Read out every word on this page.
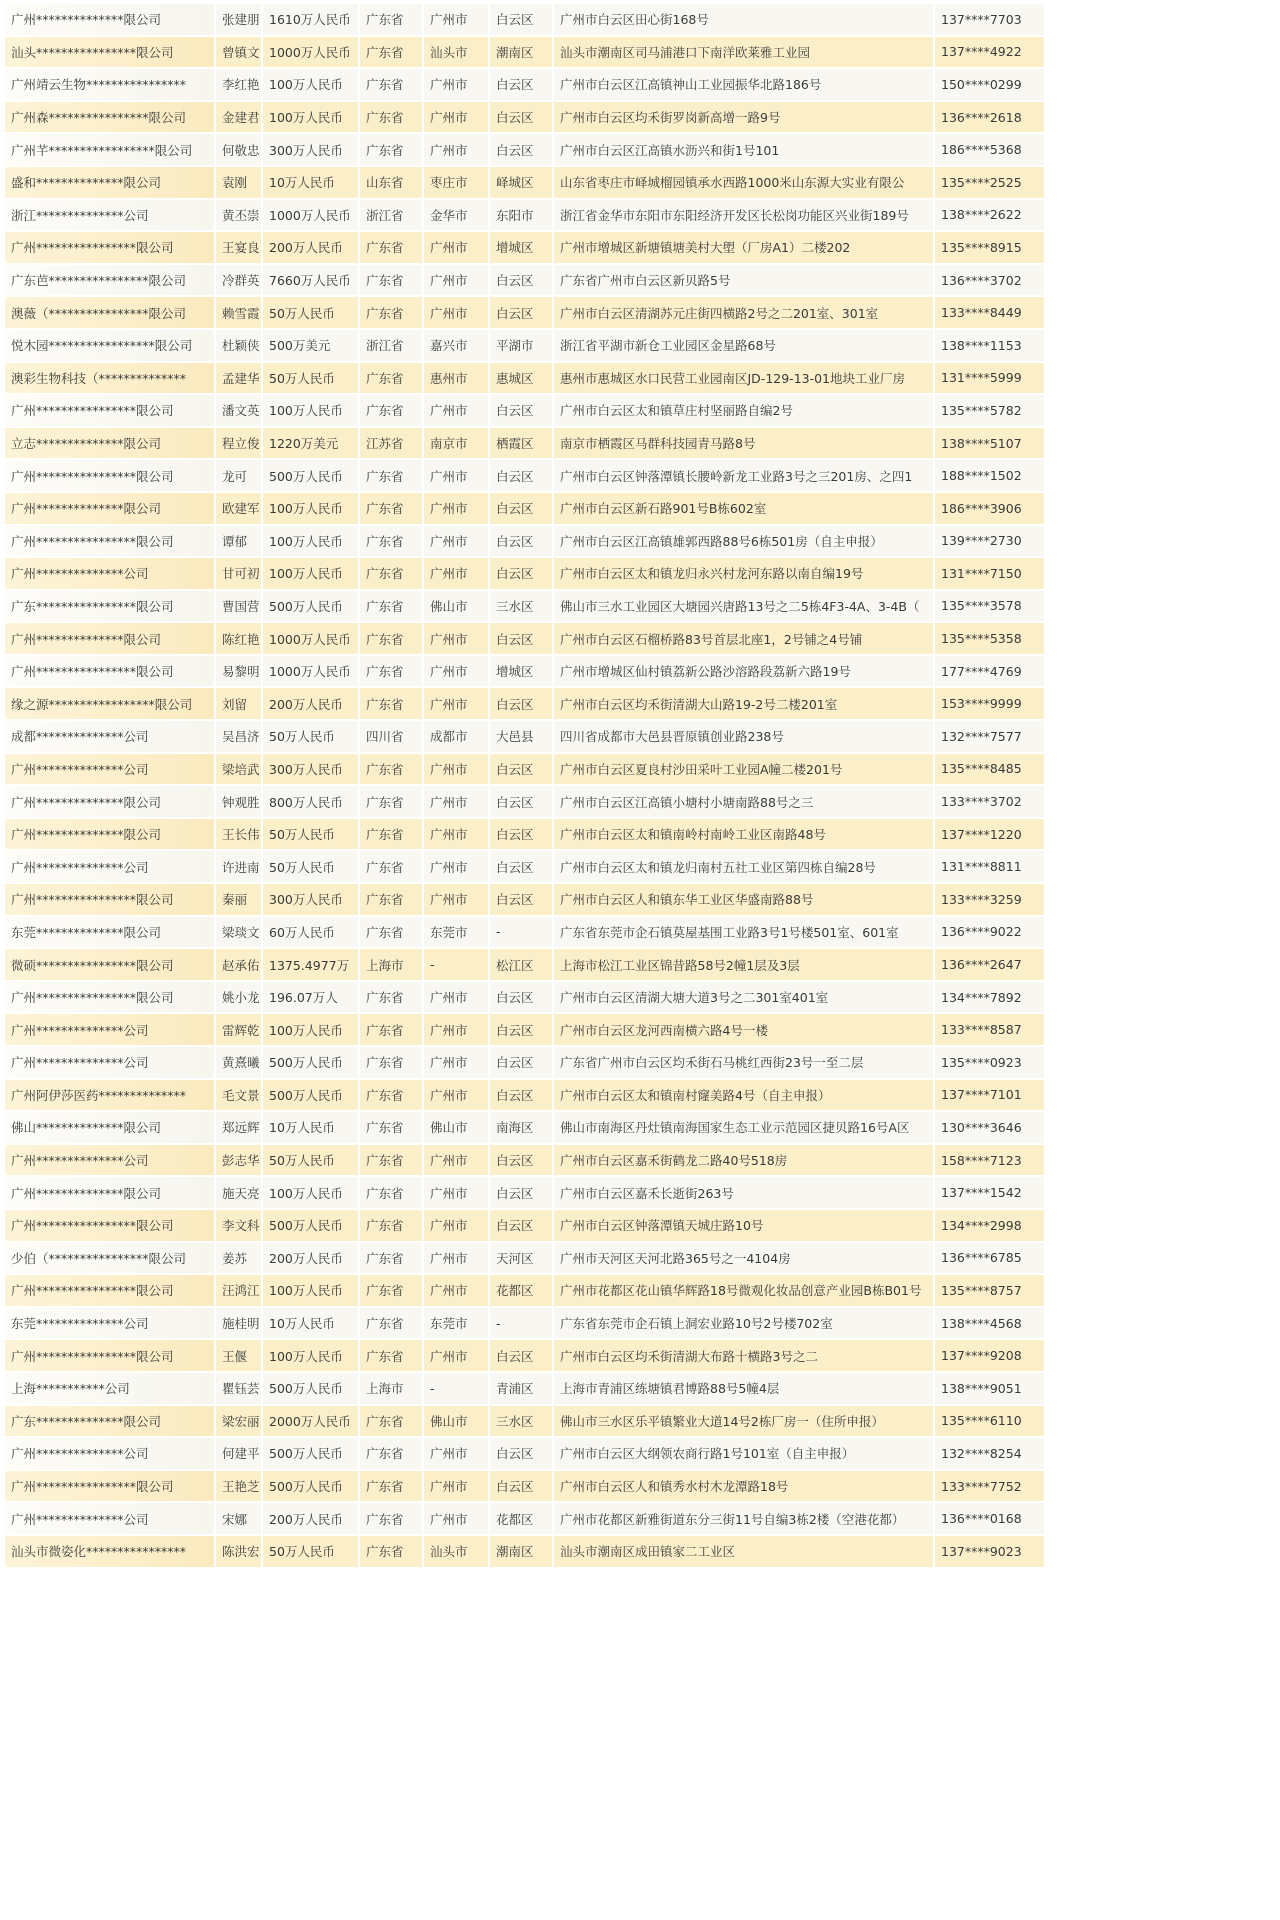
广州**************限公司	张建朋	1610万人民币	广东省	广州市	白云区	广州市白云区田心街168号	137****7703
汕头****************限公司	曾镇文	1000万人民币	广东省	汕头市	潮南区	汕头市潮南区司马浦港口下南洋欧莱雅工业园	137****4922
广州靖云生物****************	李红艳	100万人民币	广东省	广州市	白云区	广州市白云区江高镇神山工业园振华北路186号	150****0299
广州森****************限公司	金建君	100万人民币	广东省	广州市	白云区	广州市白云区均禾街罗岗新高增一路9号	136****2618
广州芊*****************限公司	何敬忠	300万人民币	广东省	广州市	白云区	广州市白云区江高镇水沥兴和街1号101	186****5368
盛和**************限公司	袁刚	10万人民币	山东省	枣庄市	峄城区	山东省枣庄市峄城榴园镇承水西路1000米山东源大实业有限公	135****2525
浙江**************公司	黄丕崇	1000万人民币	浙江省	金华市	东阳市	浙江省金华市东阳市东阳经济开发区长松岗功能区兴业街189号	138****2622
广州****************限公司	王宴良	200万人民币	广东省	广州市	增城区	广州市增城区新塘镇塘美村大塱（厂房A1）二楼202	135****8915
广东芭****************限公司	冷群英	7660万人民币	广东省	广州市	白云区	广东省广州市白云区新贝路5号	136****3702
澳薇（****************限公司	赖雪霞	50万人民币	广东省	广州市	白云区	广州市白云区清湖苏元庄街四横路2号之二201室、301室	133****8449
悦木园*****************限公司	杜颖侠	500万美元	浙江省	嘉兴市	平湖市	浙江省平湖市新仓工业园区金星路68号	138****1153
澳彩生物科技（**************	孟建华	50万人民币	广东省	惠州市	惠城区	惠州市惠城区水口民营工业园南区JD-129-13-01地块工业厂房	131****5999
广州****************限公司	潘文英	100万人民币	广东省	广州市	白云区	广州市白云区太和镇草庄村坚丽路自编2号	135****5782
立志**************限公司	程立俊	1220万美元	江苏省	南京市	栖霞区	南京市栖霞区马群科技园青马路8号	138****5107
广州****************限公司	龙可	500万人民币	广东省	广州市	白云区	广州市白云区钟落潭镇长腰岭新龙工业路3号之三201房、之四1	188****1502
广州**************限公司	欧建军	100万人民币	广东省	广州市	白云区	广州市白云区新石路901号B栋602室	186****3906
广州****************限公司	谭郁	100万人民币	广东省	广州市	白云区	广州市白云区江高镇雄郭西路88号6栋501房（自主申报）	139****2730
广州**************公司	甘可初	100万人民币	广东省	广州市	白云区	广州市白云区太和镇龙归永兴村龙河东路以南自编19号	131****7150
广东****************限公司	曹国营	500万人民币	广东省	佛山市	三水区	佛山市三水工业园区大塘园兴唐路13号之二5栋4F3-4A、3-4B（	135****3578
广州**************限公司	陈红艳	1000万人民币	广东省	广州市	白云区	广州市白云区石榴桥路83号首层北座1，2号铺之4号铺	135****5358
广州****************限公司	易黎明	1000万人民币	广东省	广州市	增城区	广州市增城区仙村镇荔新公路沙溶路段荔新六路19号	177****4769
缘之源*****************限公司	刘留	200万人民币	广东省	广州市	白云区	广州市白云区均禾街清湖大山路19-2号二楼201室	153****9999
成都**************公司	吴昌济	50万人民币	四川省	成都市	大邑县	四川省成都市大邑县晋原镇创业路238号	132****7577
广州**************公司	梁培武	300万人民币	广东省	广州市	白云区	广州市白云区夏良村沙田采叶工业园A幢二楼201号	135****8485
广州**************限公司	钟观胜	800万人民币	广东省	广州市	白云区	广州市白云区江高镇小塘村小塘南路88号之三	133****3702
广州**************限公司	王长伟	50万人民币	广东省	广州市	白云区	广州市白云区太和镇南岭村南岭工业区南路48号	137****1220
广州**************公司	许进南	50万人民币	广东省	广州市	白云区	广州市白云区太和镇龙归南村五社工业区第四栋自编28号	131****8811
广州****************限公司	秦丽	300万人民币	广东省	广州市	白云区	广州市白云区人和镇东华工业区华盛南路88号	133****3259
东莞**************限公司	梁琰文	60万人民币	广东省	东莞市	-	广东省东莞市企石镇莫屋基围工业路3号1号楼501室、601室	136****9022
微硕****************限公司	赵承佑	1375.4977万	上海市	-	松江区	上海市松江工业区锦昔路58号2幢1层及3层	136****2647
广州****************限公司	姚小龙	196.07万人	广东省	广州市	白云区	广州市白云区清湖大塘大道3号之二301室401室	134****7892
广州**************公司	雷辉乾	100万人民币	广东省	广州市	白云区	广州市白云区龙河西南横六路4号一楼	133****8587
广州**************公司	黄熹曦	500万人民币	广东省	广州市	白云区	广东省广州市白云区均禾街石马桃红西街23号一至二层	135****0923
广州阿伊莎医药**************	毛文景	500万人民币	广东省	广州市	白云区	广州市白云区太和镇南村窿美路4号（自主申报）	137****7101
佛山**************限公司	郑远辉	10万人民币	广东省	佛山市	南海区	佛山市南海区丹灶镇南海国家生态工业示范园区捷贝路16号A区	130****3646
广州**************公司	彭志华	50万人民币	广东省	广州市	白云区	广州市白云区嘉禾街鹤龙二路40号518房	158****7123
广州**************限公司	施天亮	100万人民币	广东省	广州市	白云区	广州市白云区嘉禾长逝街263号	137****1542
广州****************限公司	李文科	500万人民币	广东省	广州市	白云区	广州市白云区钟落潭镇天城庄路10号	134****2998
少伯（****************限公司	姜苏	200万人民币	广东省	广州市	天河区	广州市天河区天河北路365号之一4104房	136****6785
广州****************限公司	汪鸿江	100万人民币	广东省	广州市	花都区	广州市花都区花山镇华辉路18号微观化妆品创意产业园B栋B01号	135****8757
东莞**************公司	施桂明	10万人民币	广东省	东莞市	-	广东省东莞市企石镇上洞宏业路10号2号楼702室	138****4568
广州****************限公司	王偃	100万人民币	广东省	广州市	白云区	广州市白云区均禾街清湖大布路十横路3号之二	137****9208
上海***********公司	瞿钰芸	500万人民币	上海市	-	青浦区	上海市青浦区练塘镇君博路88号5幢4层	138****9051
广东**************限公司	梁宏丽	2000万人民币	广东省	佛山市	三水区	佛山市三水区乐平镇繁业大道14号2栋厂房一（住所申报）	135****6110
广州**************公司	何建平	500万人民币	广东省	广州市	白云区	广州市白云区大纲领农商行路1号101室（自主申报）	132****8254
广州****************限公司	王艳芝	500万人民币	广东省	广州市	白云区	广州市白云区人和镇秀水村木龙潭路18号	133****7752
广州**************公司	宋娜	200万人民币	广东省	广州市	花都区	广州市花都区新雅街道东分三街11号自编3栋2楼（空港花都）	136****0168
汕头市微姿化****************	陈洪宏	50万人民币	广东省	汕头市	潮南区	汕头市潮南区成田镇家二工业区	137****9023
